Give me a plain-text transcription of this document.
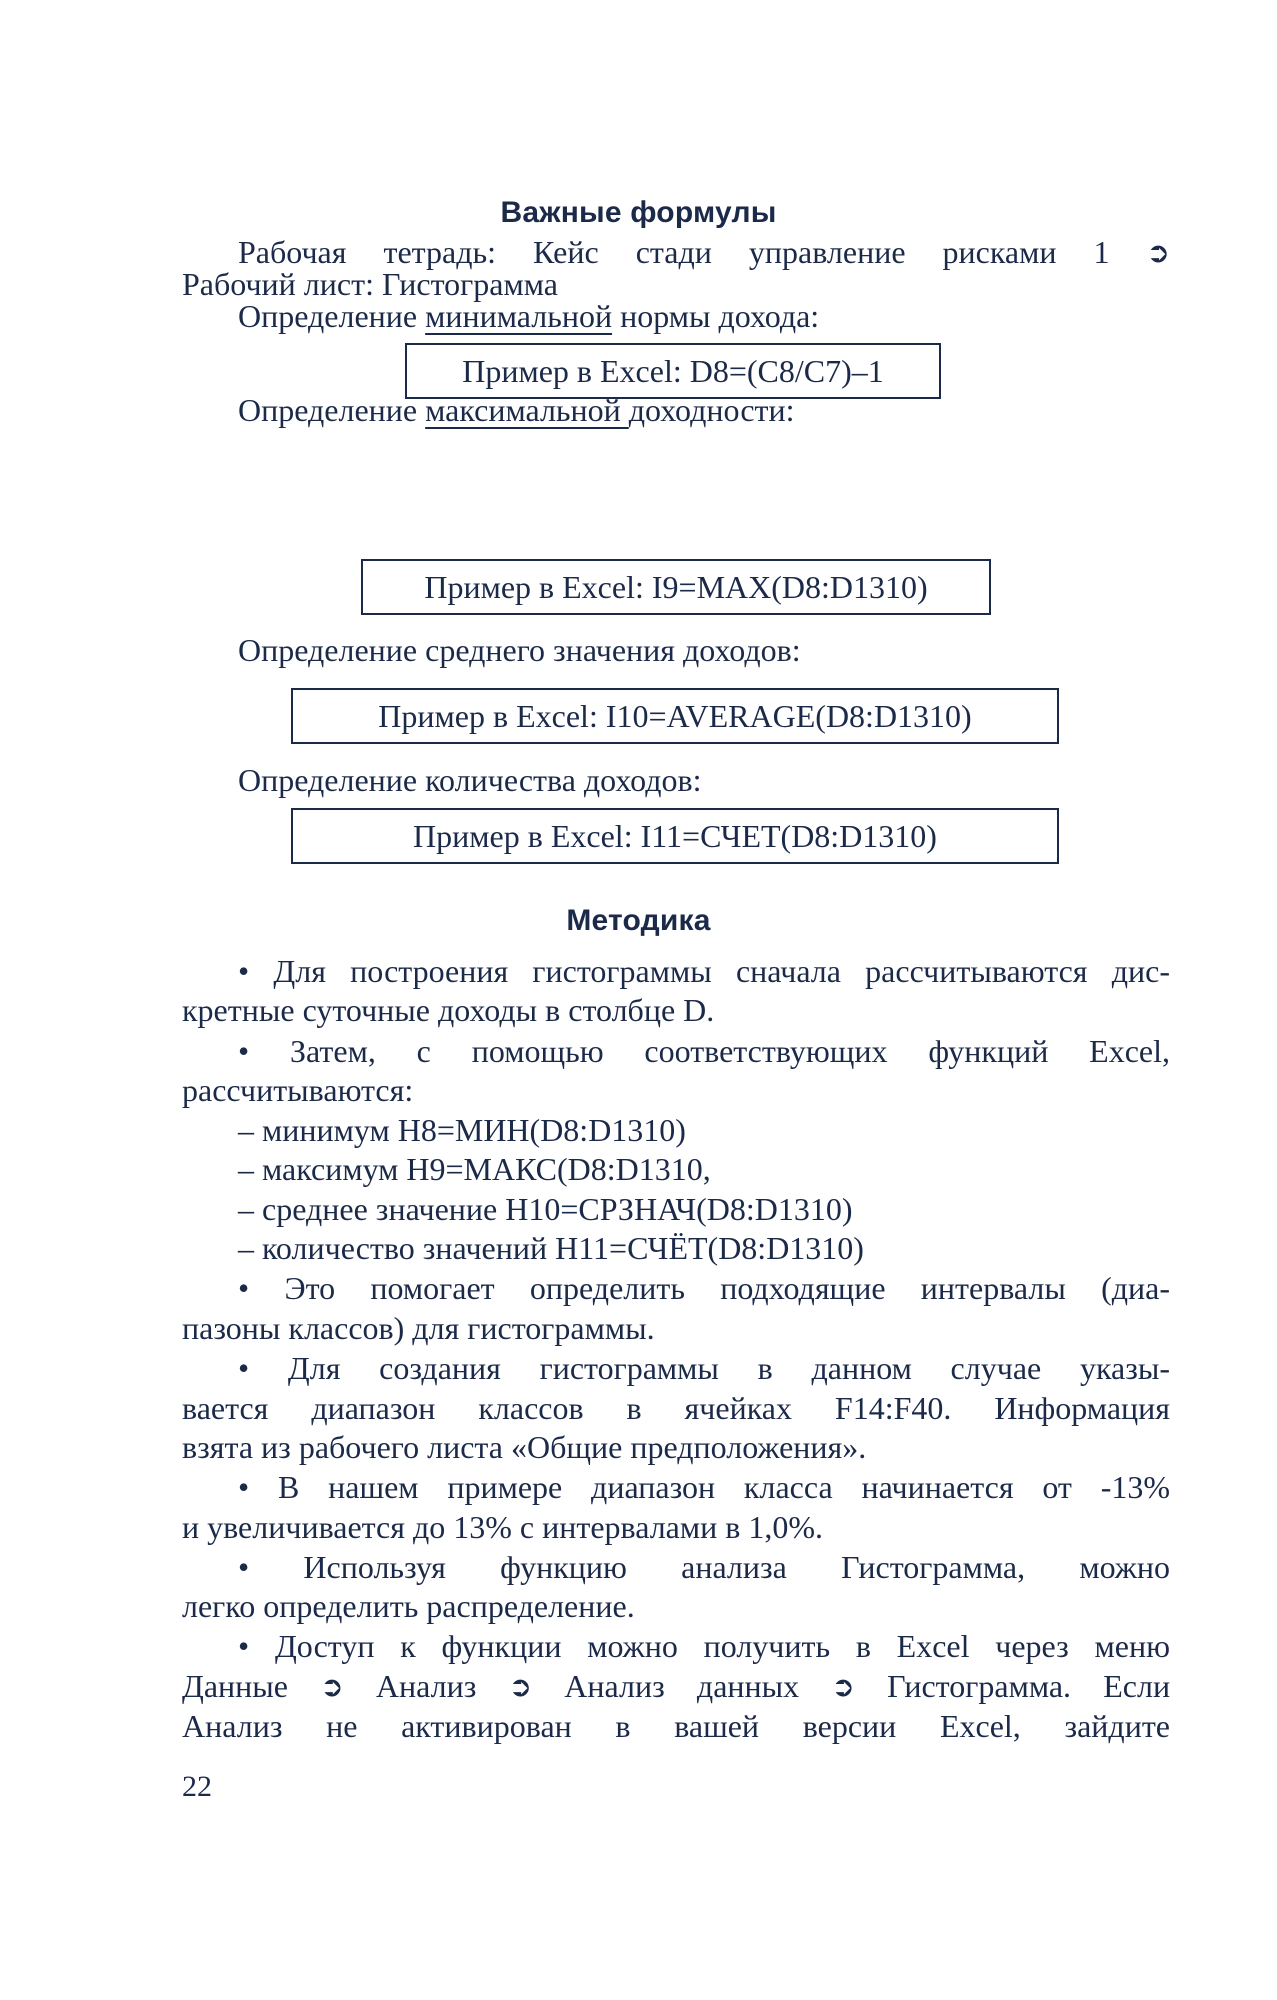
Важные формулы
Рабочая тетрадь: Кейс стади управление рисками 1 ➲
Рабочий лист: Гистограмма
Определение минимальной нормы дохода:
Пример в Excel: D8=(C8/C7)–1
Определение максимальной доходности:
Пример в Excel: I9=MAX(D8:D1310)
Определение среднего значения доходов:
Пример в Excel: I10=AVERAGE(D8:D1310)
Определение количества доходов:
Пример в Excel: I11=СЧЕТ(D8:D1310)
Методика
• Для построения гистограммы сначала рассчитываются дис-
кретные суточные доходы в столбце D.
• Затем, с помощью соответствующих функций Excel,
рассчитываются:
– минимум H8=МИН(D8:D1310)
– максимум H9=МАКС(D8:D1310,
– среднее значение H10=СРЗНАЧ(D8:D1310)
– количество значений H11=СЧЁТ(D8:D1310)
• Это помогает определить подходящие интервалы (диа-
пазоны классов) для гистограммы.
• Для создания гистограммы в данном случае указы-
вается диапазон классов в ячейках F14:F40. Информация
взята из рабочего листа «Общие предположения».
• В нашем примере диапазон класса начинается от -13%
и увеличивается до 13% с интервалами в 1,0%.
• Используя функцию анализа Гистограмма, можно
легко определить распределение.
• Доступ к функции можно получить в Excel через меню
Данные ➲ Анализ ➲ Анализ данных ➲ Гистограмма. Если
Анализ не активирован в вашей версии Excel, зайдите
22
